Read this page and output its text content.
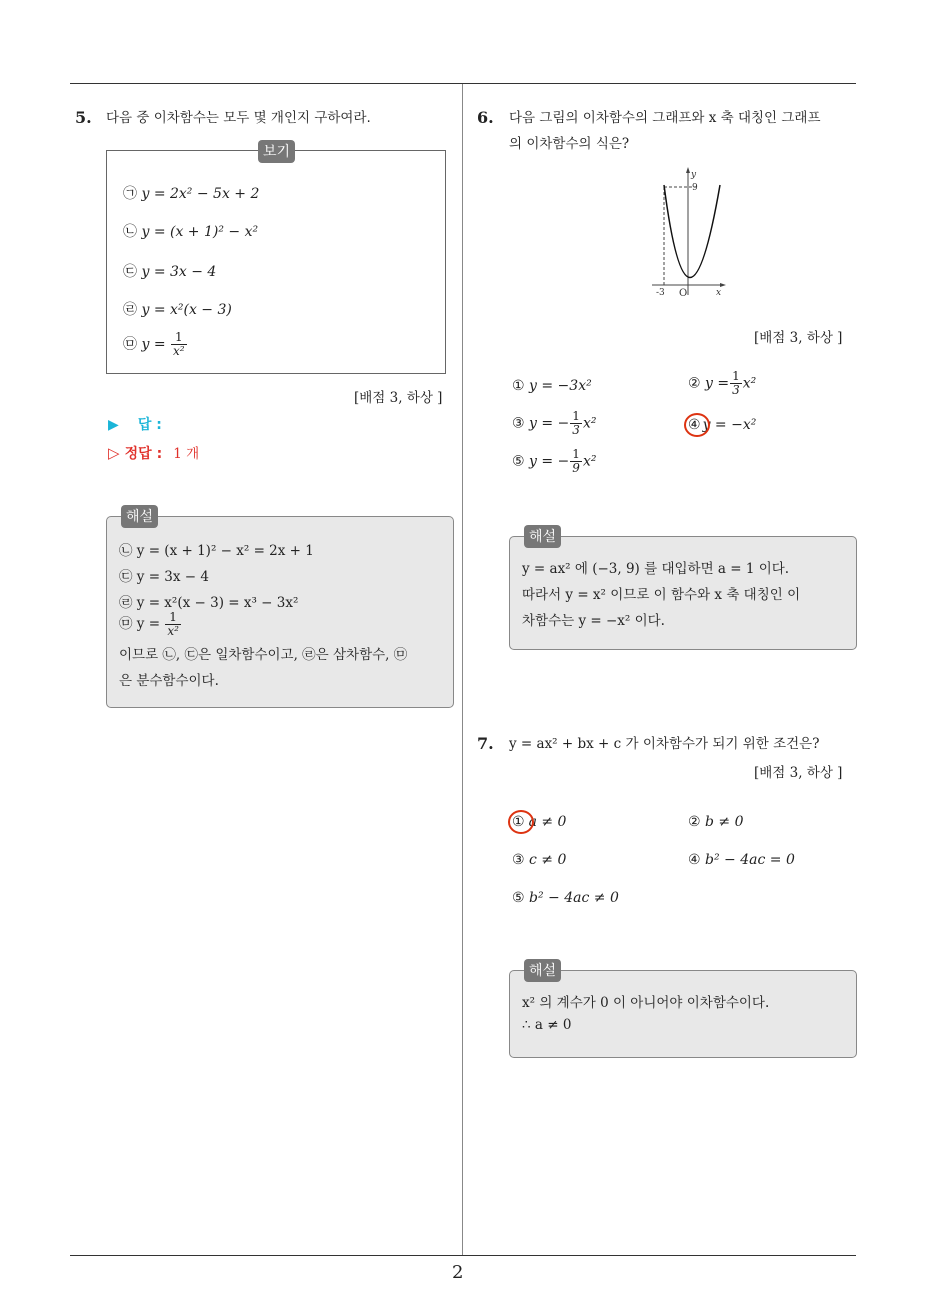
2
5. 다음 중 이차함수는 모두 몇 개인지 구하여라.
보기
㉠ y = 2x² − 5x + 2
㉡ y = (x + 1)² − x²
㉢ y = 3x − 4
㉣ y = x²(x − 3)
㉤ $y = \frac{1}{\text{x²}}$
[배점 3, 하상 ]
▶ 답 :
▷ 정답 : 1 개
해설
㉡ y = (x + 1)² − x² = 2x + 1
㉢ y = 3x − 4
㉣ y = x²(x − 3) = x³ − 3x²
㉤ $y = \frac{1}{\text{x²}}$
이므로 ㉡, ㉢은 일차함수이고, ㉣은 삼차함수, ㉤
은 분수함수이다.
6. 다음 그림의 이차함수의 그래프와 x 축 대칭인 그래프
의 이차함수의 식은?
y
9
x
O
-3
[배점 3, 하상 ]
① y = −3x²	② $y = \frac{1}{3} x^2$
③ y = − $\frac{1}{3} x^2$	④ y = −x²
⑤ y = − $\frac{1}{9} x^2$
해설
y = ax² 에 (−3, 9) 를 대입하면 a = 1 이다.
따라서 y = x² 이므로 이 함수와 x 축 대칭인 이
차함수는 y = −x² 이다.
7. y = ax² + bx + c 가 이차함수가 되기 위한 조건은?
[배점 3, 하상 ]
① a ≠ 0	② b ≠ 0
③ c ≠ 0	④ b² − 4ac = 0
⑤ b² − 4ac ≠ 0
해설
x² 의 계수가 0 이 아니어야 이차함수이다.
∴ a ≠ 0
